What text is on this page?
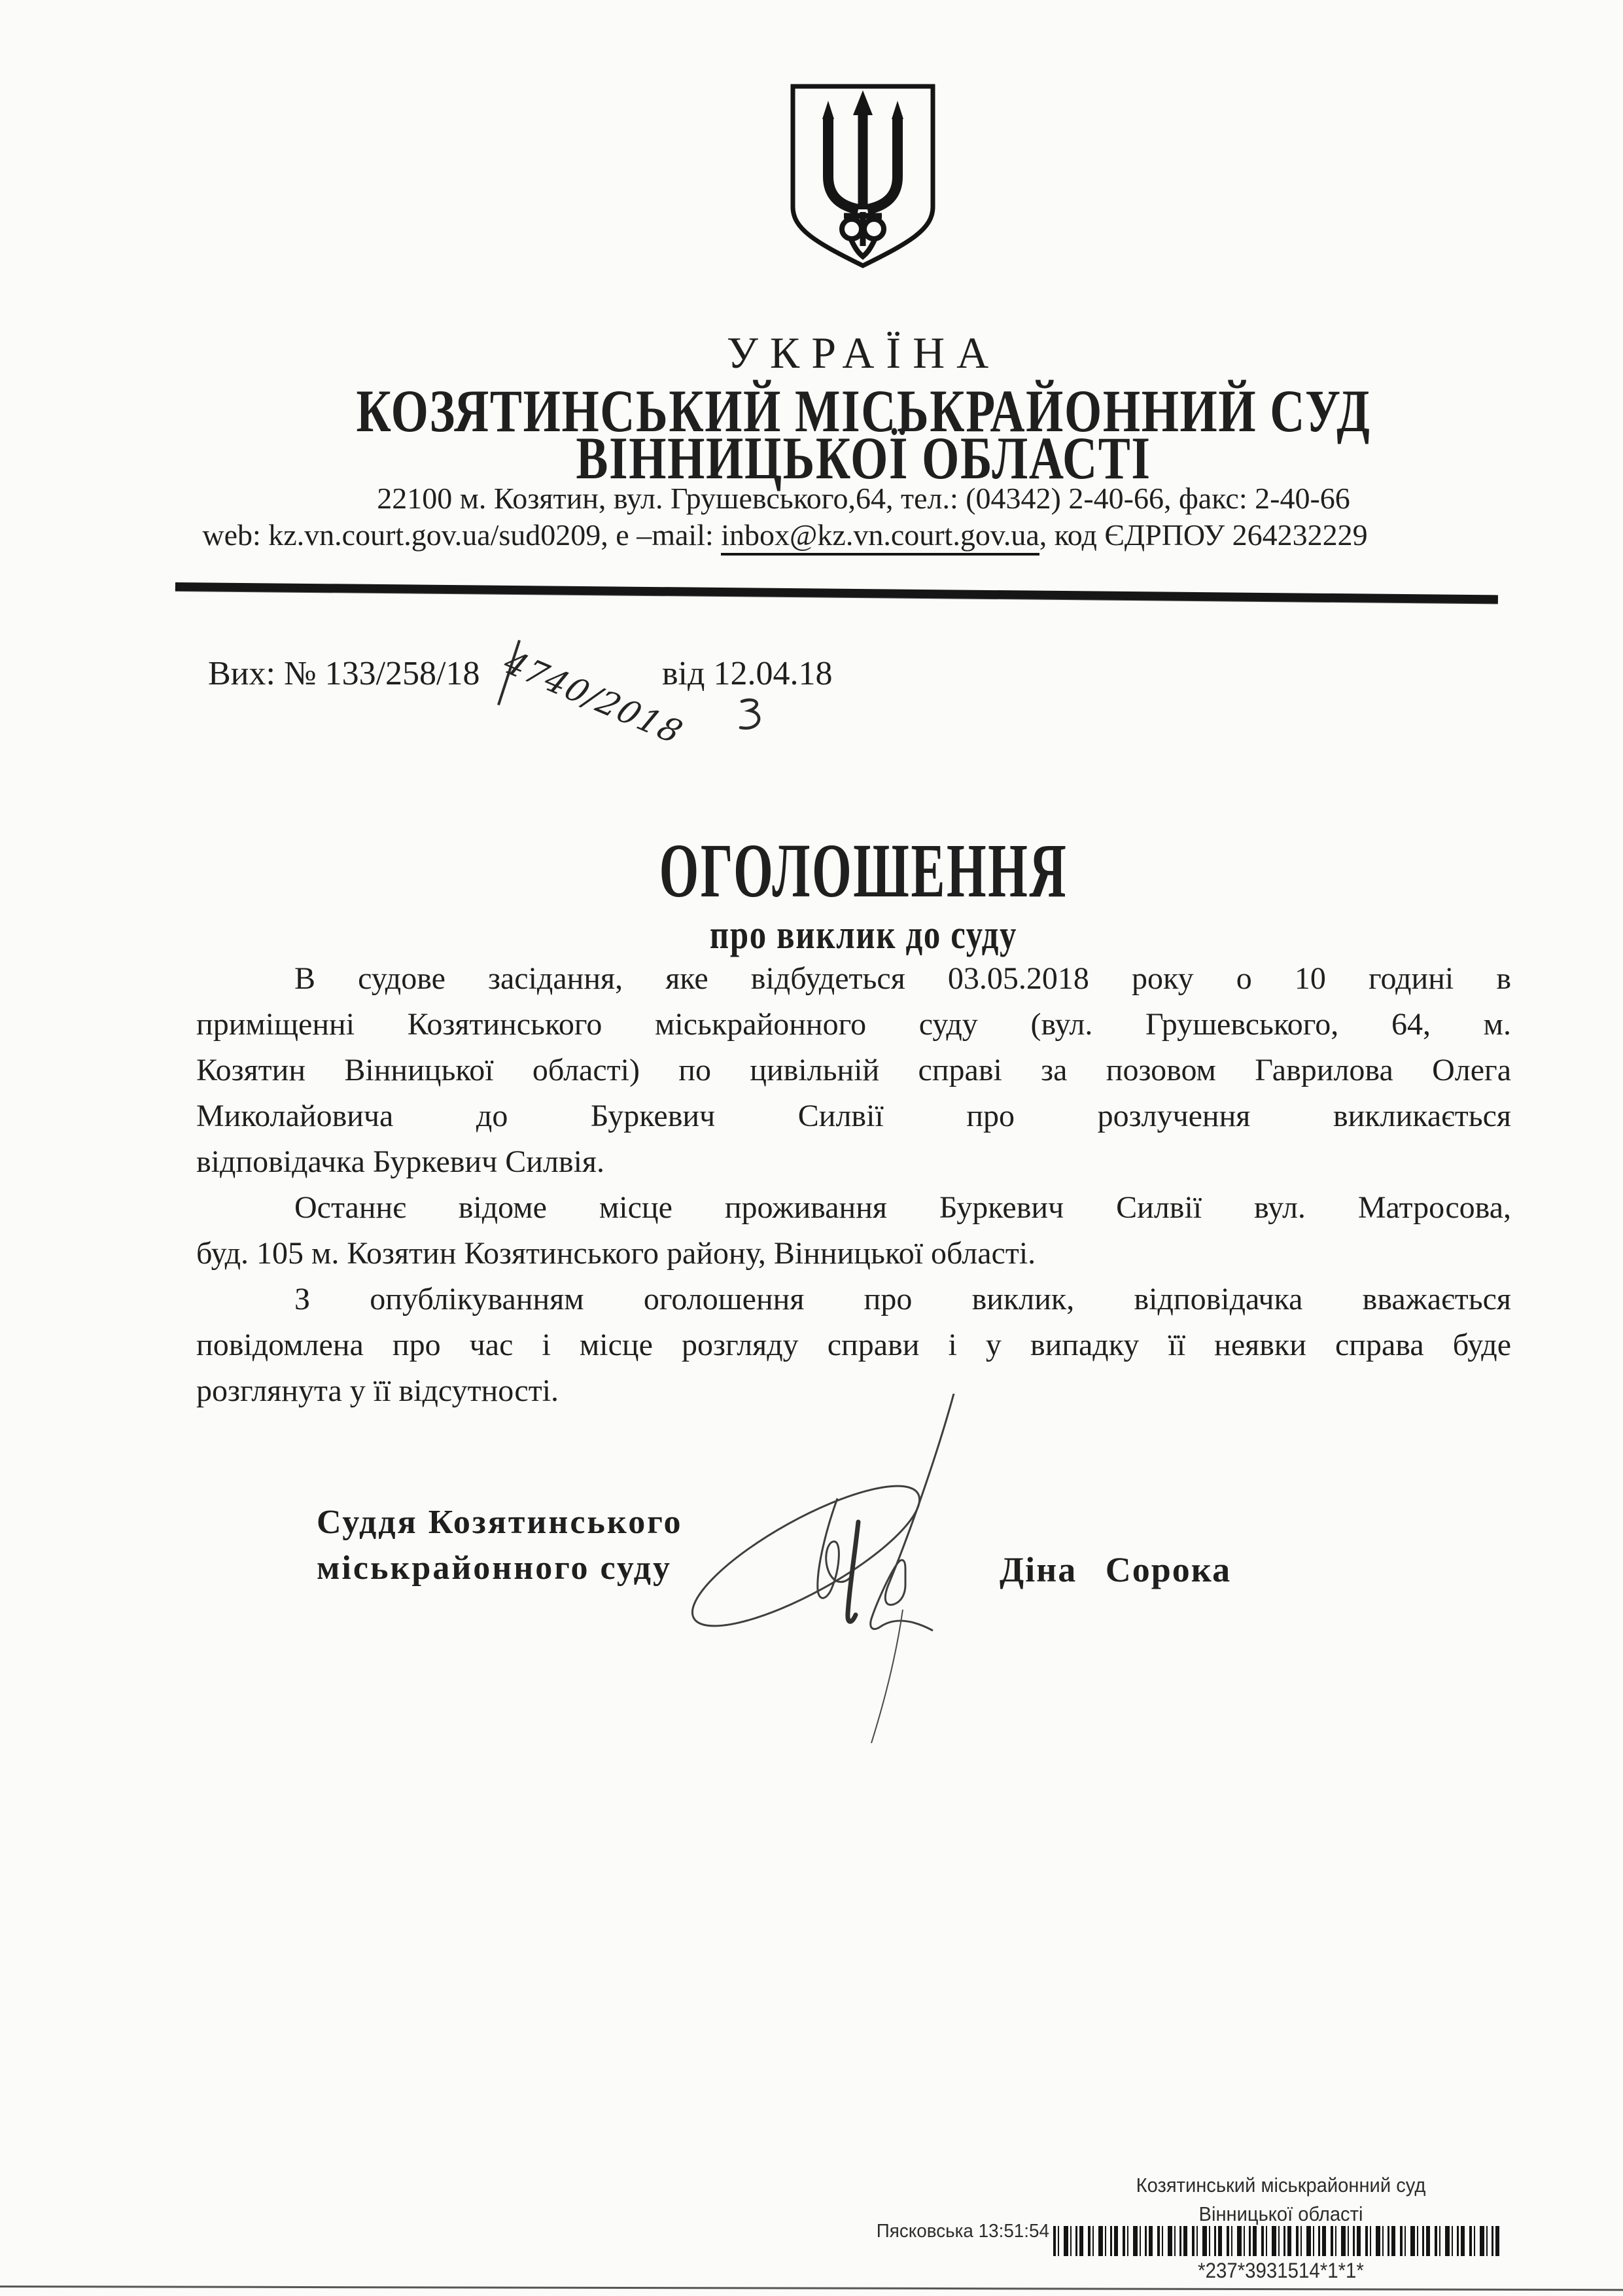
УКРАЇНА
КОЗЯТИНСЬКИЙ МІСЬКРАЙОННИЙ СУД
ВІННИЦЬКОЇ ОБЛАСТІ
22100 м. Козятин, вул. Грушевського,64, тел.: (04342) 2-40-66, факс: 2-40-66
web: kz.vn.court.gov.ua/sud0209, e –mail: inbox@kz.vn.court.gov.ua, код ЄДРПОУ 264232229
Вих: № 133/258/18 4740/2018
від 12.04.18
ОГОЛОШЕННЯ
про виклик до суду
В судове засідання, яке відбудеться 03.05.2018 року о 10 годині в
приміщенні Козятинського міськрайонного суду (вул. Грушевського, 64, м.
Козятин Вінницької області) по цивільній справі за позовом Гаврилова Олега
Миколайовича до Буркевич Силвії про розлучення викликається
відповідачка Буркевич Силвія.
Останнє відоме місце проживання Буркевич Силвії вул. Матросова,
буд. 105 м. Козятин Козятинського району, Вінницької області.
З опублікуванням оголошення про виклик, відповідачка вважається
повідомлена про час і місце розгляду справи і у випадку її неявки справа буде
розглянута у її відсутності.
Суддя Козятинського
міськрайонного суду	Діна Сорока
Козятинський міськрайонний суд
Вінницької області
Пясковська 13:51:54
*237*3931514*1*1*
